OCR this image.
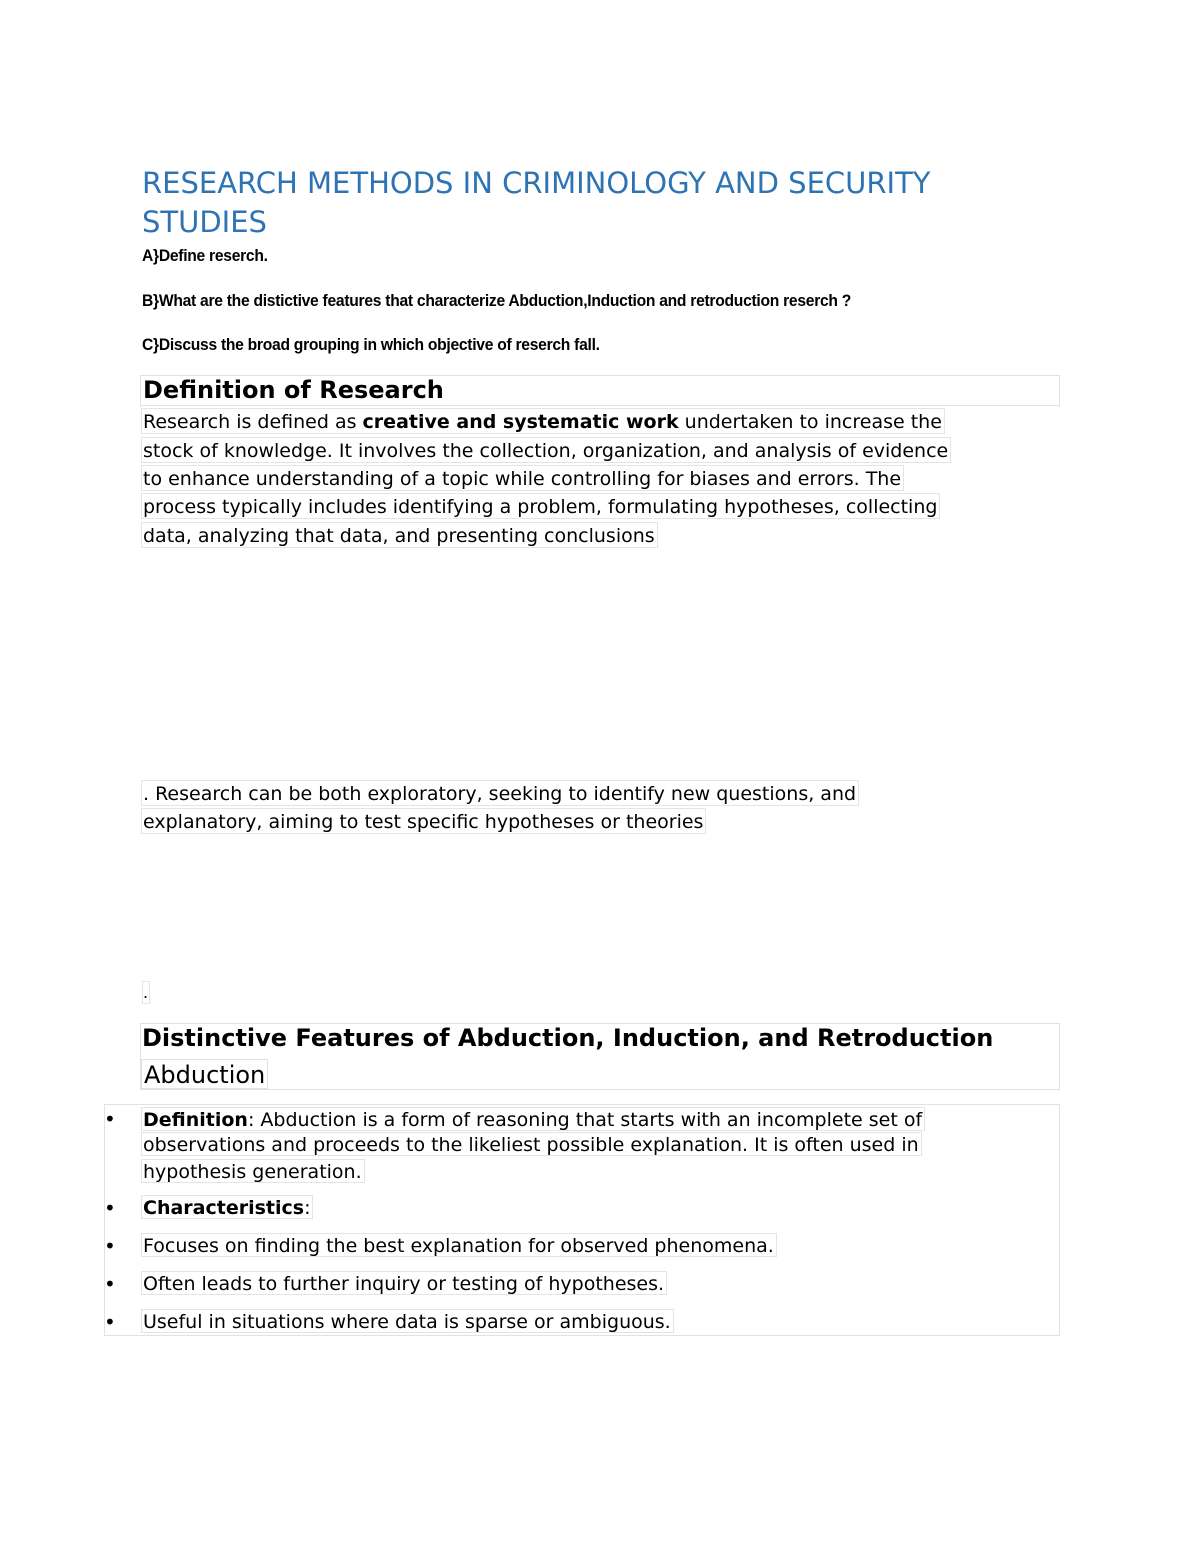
RESEARCH METHODS IN CRIMINOLOGY AND SECURITY STUDIES
A}Define reserch.
B}What are the distictive features that characterize Abduction,Induction and retroduction reserch ?
C}Discuss the broad grouping in which objective of reserch fall.
Definition of Research
Research is defined as creative and systematic work undertaken to increase the
stock of knowledge. It involves the collection, organization, and analysis of evidence
to enhance understanding of a topic while controlling for biases and errors. The
process typically includes identifying a problem, formulating hypotheses, collecting
data, analyzing that data, and presenting conclusions
. Research can be both exploratory, seeking to identify new questions, and
explanatory, aiming to test specific hypotheses or theories
.
Distinctive Features of Abduction, Induction, and Retroduction
Abduction
• Definition: Abduction is a form of reasoning that starts with an incomplete set of
observations and proceeds to the likeliest possible explanation. It is often used in
hypothesis generation.
• Characteristics:
• Focuses on finding the best explanation for observed phenomena.
• Often leads to further inquiry or testing of hypotheses.
• Useful in situations where data is sparse or ambiguous.
